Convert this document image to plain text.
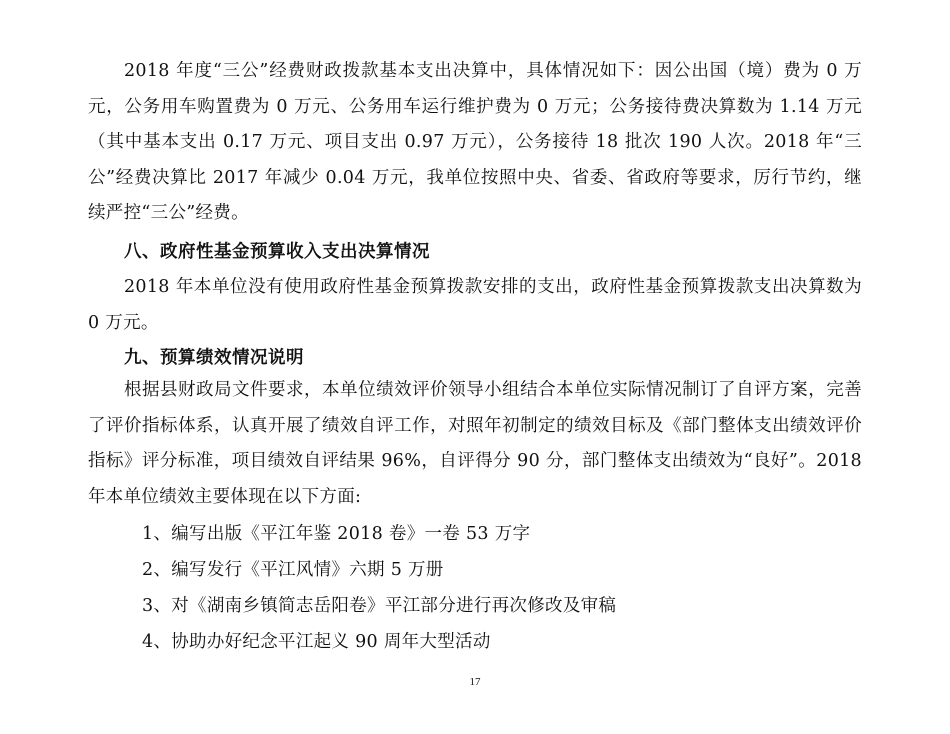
2018 年度“三公”经费财政拨款基本支出决算中，具体情况如下：因公出国（境）费为 0 万元，公务用车购置费为 0 万元、公务用车运行维护费为 0 万元；公务接待费决算数为 1.14 万元（其中基本支出 0.17 万元、项目支出 0.97 万元），公务接待 18 批次 190 人次。2018 年“三公”经费决算比 2017 年减少 0.04 万元，我单位按照中央、省委、省政府等要求，厉行节约，继续严控“三公”经费。

八、政府性基金预算收入支出决算情况

2018 年本单位没有使用政府性基金预算拨款安排的支出，政府性基金预算拨款支出决算数为 0 万元。

九、预算绩效情况说明

根据县财政局文件要求，本单位绩效评价领导小组结合本单位实际情况制订了自评方案，完善了评价指标体系，认真开展了绩效自评工作，对照年初制定的绩效目标及《部门整体支出绩效评价指标》评分标准，项目绩效自评结果 96%，自评得分 90 分，部门整体支出绩效为“良好”。2018 年本单位绩效主要体现在以下方面:

1、编写出版《平江年鉴 2018 卷》一卷 53 万字

2、编写发行《平江风情》六期 5 万册

3、对《湖南乡镇简志岳阳卷》平江部分进行再次修改及审稿

4、协助办好纪念平江起义 90 周年大型活动

17
